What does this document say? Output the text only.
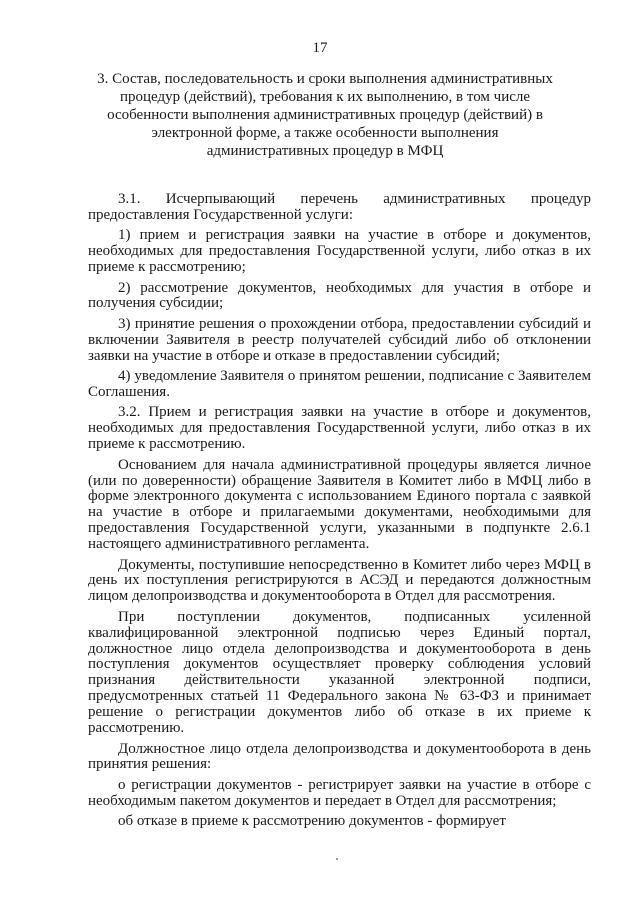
17
3. Состав, последовательность и сроки выполнения административных процедур (действий), требования к их выполнению, в том числе особенности выполнения административных процедур (действий) в электронной форме, а также особенности выполнения административных процедур в МФЦ

3.1. Исчерпывающий перечень административных процедур предоставления Государственной услуги:

1) прием и регистрация заявки на участие в отборе и документов, необходимых для предоставления Государственной услуги, либо отказ в их приеме к рассмотрению;

2) рассмотрение документов, необходимых для участия в отборе и получения субсидии;

3) принятие решения о прохождении отбора, предоставлении субсидий и включении Заявителя в реестр получателей субсидий либо об отклонении заявки на участие в отборе и отказе в предоставлении субсидий;

4) уведомление Заявителя о принятом решении, подписание с Заявителем Соглашения.

3.2. Прием и регистрация заявки на участие в отборе и документов, необходимых для предоставления Государственной услуги, либо отказ в их приеме к рассмотрению.

Основанием для начала административной процедуры является личное (или по доверенности) обращение Заявителя в Комитет либо в МФЦ либо в форме электронного документа с использованием Единого портала с заявкой на участие в отборе и прилагаемыми документами, необходимыми для предоставления Государственной услуги, указанными в подпункте 2.6.1 настоящего административного регламента.

Документы, поступившие непосредственно в Комитет либо через МФЦ в день их поступления регистрируются в АСЭД и передаются должностным лицом делопроизводства и документооборота в Отдел для рассмотрения.

При поступлении документов, подписанных усиленной квалифицированной электронной подписью через Единый портал, должностное лицо отдела делопроизводства и документооборота в день поступления документов осуществляет проверку соблюдения условий признания действительности указанной электронной подписи, предусмотренных статьей 11 Федерального закона № 63-ФЗ и принимает решение о регистрации документов либо об отказе в их приеме к рассмотрению.

Должностное лицо отдела делопроизводства и документооборота в день принятия решения:

о регистрации документов - регистрирует заявки на участие в отборе с необходимым пакетом документов и передает в Отдел для рассмотрения;

об отказе в приеме к рассмотрению документов - формирует
